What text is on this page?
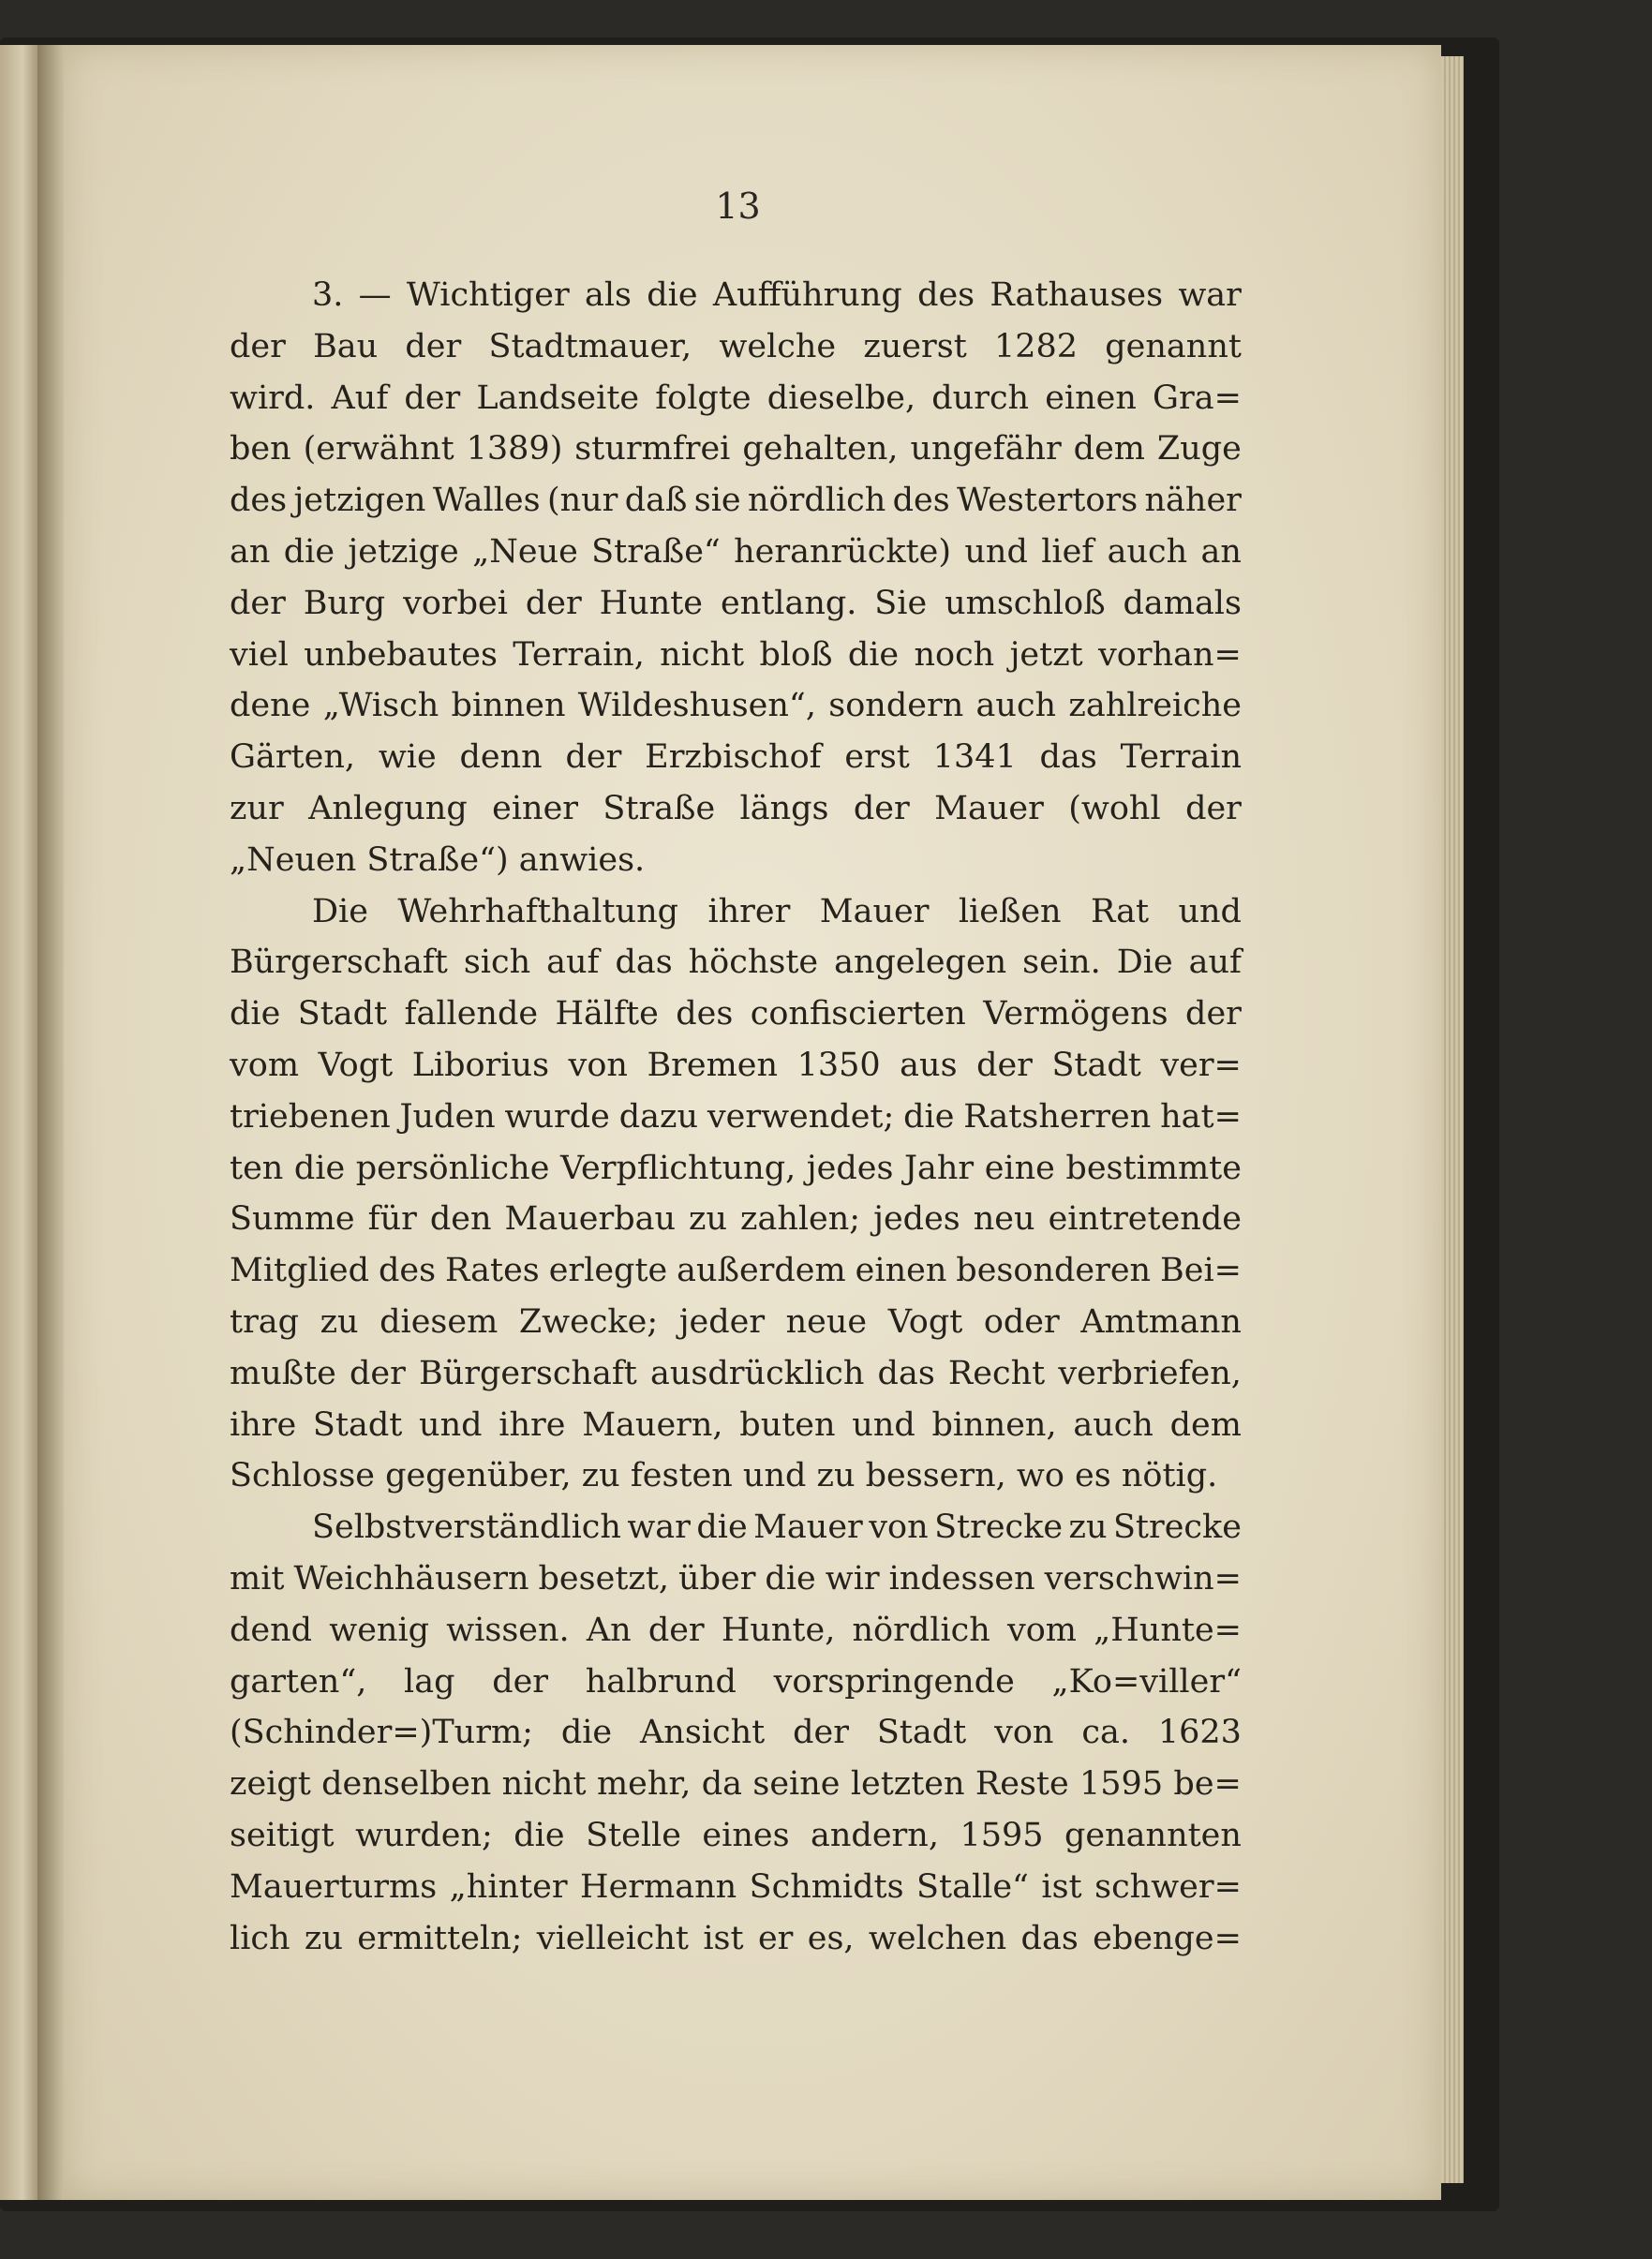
13
3. — Wichtiger als die Aufführung des Rathauses war
der Bau der Stadtmauer, welche zuerst 1282 genannt
wird. Auf der Landseite folgte dieselbe, durch einen Gra=
ben (erwähnt 1389) sturmfrei gehalten, ungefähr dem Zuge
des jetzigen Walles (nur daß sie nördlich des Westertors näher
an die jetzige „Neue Straße“ heranrückte) und lief auch an
der Burg vorbei der Hunte entlang. Sie umschloß damals
viel unbebautes Terrain, nicht bloß die noch jetzt vorhan=
dene „Wisch binnen Wildeshusen“, sondern auch zahlreiche
Gärten, wie denn der Erzbischof erst 1341 das Terrain
zur Anlegung einer Straße längs der Mauer (wohl der
„Neuen Straße“) anwies.
Die Wehrhafthaltung ihrer Mauer ließen Rat und
Bürgerschaft sich auf das höchste angelegen sein. Die auf
die Stadt fallende Hälfte des confiscierten Vermögens der
vom Vogt Liborius von Bremen 1350 aus der Stadt ver=
triebenen Juden wurde dazu verwendet; die Ratsherren hat=
ten die persönliche Verpflichtung, jedes Jahr eine bestimmte
Summe für den Mauerbau zu zahlen; jedes neu eintretende
Mitglied des Rates erlegte außerdem einen besonderen Bei=
trag zu diesem Zwecke; jeder neue Vogt oder Amtmann
mußte der Bürgerschaft ausdrücklich das Recht verbriefen,
ihre Stadt und ihre Mauern, buten und binnen, auch dem
Schlosse gegenüber, zu festen und zu bessern, wo es nötig.
Selbstverständlich war die Mauer von Strecke zu Strecke
mit Weichhäusern besetzt, über die wir indessen verschwin=
dend wenig wissen. An der Hunte, nördlich vom „Hunte=
garten“, lag der halbrund vorspringende „Ko=viller“
(Schinder=)Turm; die Ansicht der Stadt von ca. 1623
zeigt denselben nicht mehr, da seine letzten Reste 1595 be=
seitigt wurden; die Stelle eines andern, 1595 genannten
Mauerturms „hinter Hermann Schmidts Stalle“ ist schwer=
lich zu ermitteln; vielleicht ist er es, welchen das ebenge=
